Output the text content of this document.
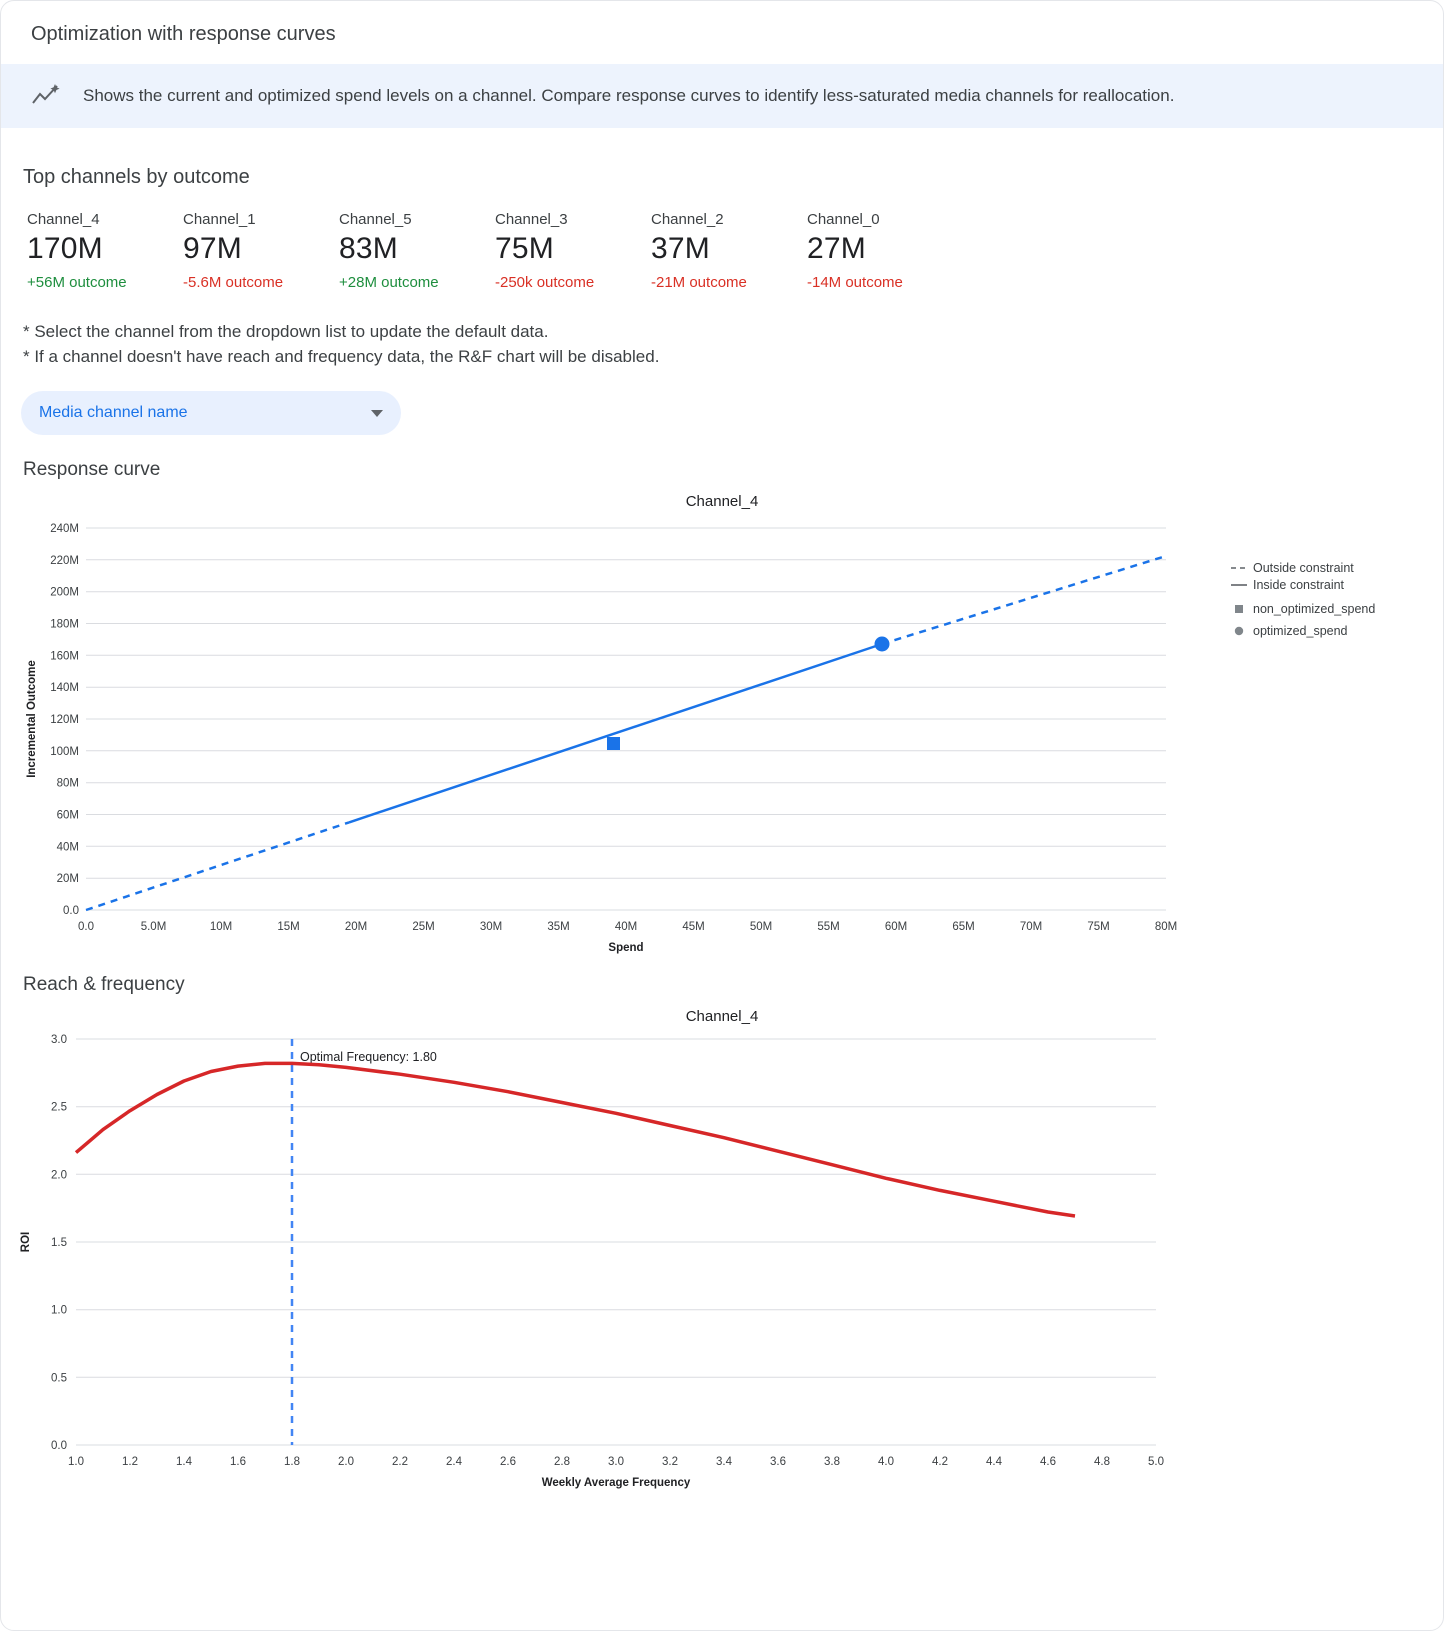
Optimization with response curves
Shows the current and optimized spend levels on a channel. Compare response curves to identify less-saturated media channels for reallocation.
Top channels by outcome
Channel_4
170M
+56M outcome
Channel_1
97M
-5.6M outcome
Channel_5
83M
+28M outcome
Channel_3
75M
-250k outcome
Channel_2
37M
-21M outcome
Channel_0
27M
-14M outcome
* Select the channel from the dropdown list to update the default data.
* If a channel doesn't have reach and frequency data, the R&F chart will be disabled.
Media channel name
Response curve
Channel_4
240M
220M
200M
180M
160M
140M
120M
100M
80M
60M
40M
20M
0.0
0.0	5.0M	10M	15M	20M	25M	30M	35M	40M	45M	50M	55M	60M	65M	70M	75M	80M
Incremental Outcome
Spend
Outside constraint
Inside constraint
non_optimized_spend
optimized_spend
Reach & frequency
Channel_4
3.0
2.5
2.0
1.5
1.0
0.5
0.0
1.0	1.2	1.4	1.6	1.8	2.0	2.2	2.4	2.6	2.8	3.0	3.2	3.4	3.6	3.8	4.0	4.2	4.4	4.6	4.8	5.0
Optimal Frequency: 1.80
ROI
Weekly Average Frequency
